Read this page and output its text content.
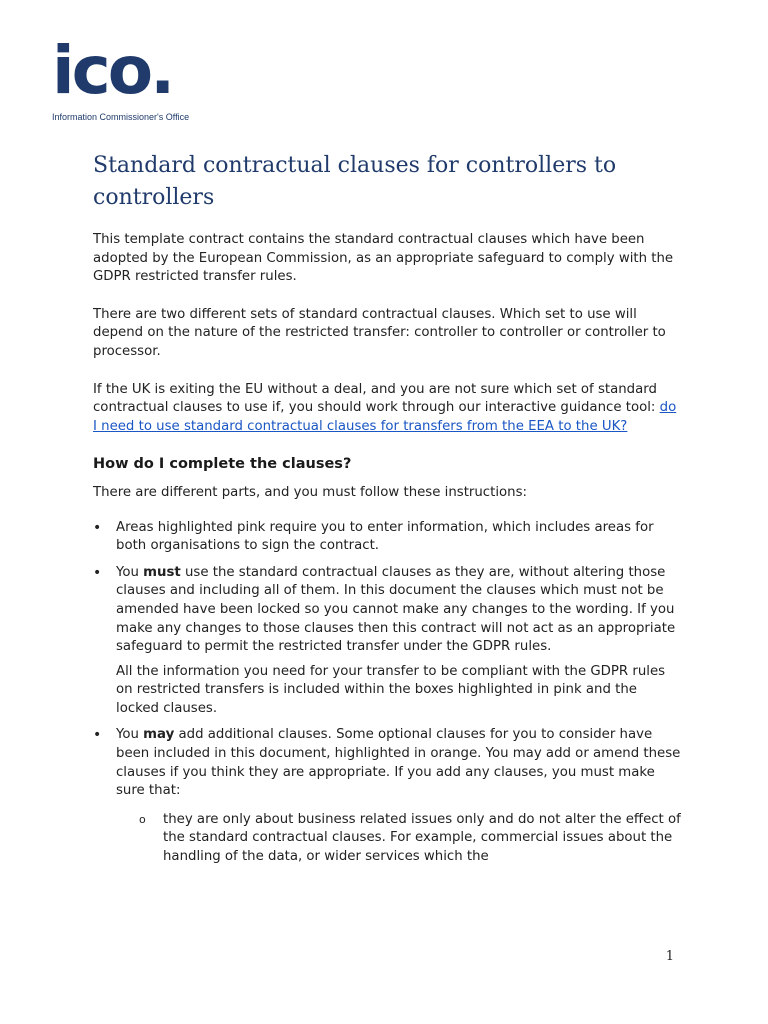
ico.
Information Commissioner's Office
Standard contractual clauses for controllers to controllers

This template contract contains the standard contractual clauses which have been adopted by the European Commission, as an appropriate safeguard to comply with the GDPR restricted transfer rules.

There are two different sets of standard contractual clauses. Which set to use will depend on the nature of the restricted transfer: controller to controller or controller to processor.

If the UK is exiting the EU without a deal, and you are not sure which set of standard contractual clauses to use if, you should work through our interactive guidance tool: do I need to use standard contractual clauses for transfers from the EEA to the UK?

How do I complete the clauses?

There are different parts, and you must follow these instructions:

• Areas highlighted pink require you to enter information, which includes areas for both organisations to sign the contract.
• You must use the standard contractual clauses as they are, without altering those clauses and including all of them. In this document the clauses which must not be amended have been locked so you cannot make any changes to the wording. If you make any changes to those clauses then this contract will not act as an appropriate safeguard to permit the restricted transfer under the GDPR rules.

All the information you need for your transfer to be compliant with the GDPR rules on restricted transfers is included within the boxes highlighted in pink and the locked clauses.

• You may add additional clauses. Some optional clauses for you to consider have been included in this document, highlighted in orange. You may add or amend these clauses if you think they are appropriate. If you add any clauses, you must make sure that:

o they are only about business related issues only and do not alter the effect of the standard contractual clauses. For example, commercial issues about the handling of the data, or wider services which the
1
